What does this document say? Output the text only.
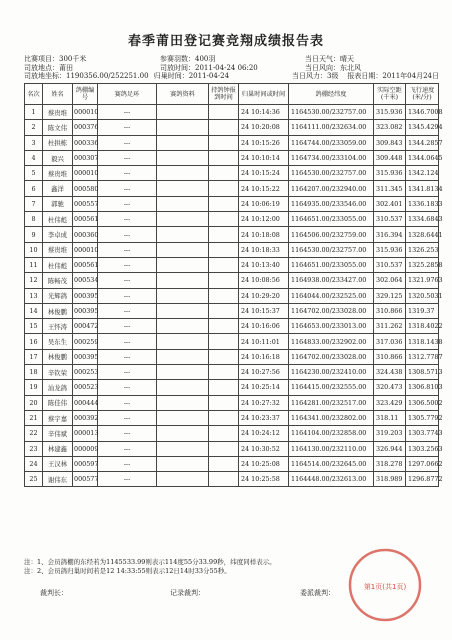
春季莆田登记赛竞翔成绩报告表
比赛项目：300千米	参赛羽数：400羽	当日天气：晴天
司放地点：莆田	司放时间：2011-04-24 06:20	当日风向：东北风
司放地坐标：1190356.00/252251.00 归巢时间：2011-04-24	当日风力：3级 报表日期：2011年04月24日
名次	姓名	鸽棚编号	赛鸽足环	赛鸽资料	持鸽钟报到时间	归巢时间或时间	鸽棚经纬度	实际空距(千米)	飞行速度(米/分)
1	蔡贵堆	000010	---			24 10:14:36	1164530.00/232757.00	315.936	1346.7008
2	陈文伟	000376	---			24 10:20:08	1164111.00/232634.00	323.082	1345.4294
3	杜拱栋	000336	---			24 10:15:26	1164744.00/233059.00	309.843	1344.2857
4	毅兴	000307	---			24 10:10:14	1164734.00/233104.00	309.448	1344.0645
5	蔡贵堆	000010	---			24 10:15:24	1164530.00/232757.00	315.936	1342.124
6	鑫洋	000580	---			24 10:15:22	1164207.00/232940.00	311.345	1341.8134
7	郭驰	000557	---			24 10:06:19	1164935.00/233546.00	302.401	1336.1833
8	杜伟彪	000561	---			24 10:12:00	1164651.00/233055.00	310.537	1334.6843
9	李卓成	000360	---			24 10:18:08	1164506.00/232759.00	316.394	1328.6441
10	蔡贵堆	000010	---			24 10:18:33	1164530.00/232757.00	315.936	1326.253
11	杜伟彪	000561	---			24 10:13:40	1164651.00/233055.00	310.537	1325.2858
12	陈畅茂	000534	---			24 10:08:56	1164938.00/233427.00	302.064	1321.9763
13	光辉鸽	000395	---			24 10:29:20	1164044.00/232525.00	329.125	1320.5031
14	林俊鹏	000395	---			24 10:15:37	1164702.00/233028.00	310.866	1319.37
15	王怀涛	000472	---			24 10:16:06	1164653.00/233013.00	311.262	1318.4022
16	吴东生	000259	---			24 10:11:01	1164833.00/232902.00	317.036	1318.1438
17	林俊鹏	000395	---			24 10:16:18	1164702.00/233028.00	310.866	1312.7787
18	辛钦荣	000253	---			24 10:27:56	1164230.00/232410.00	324.438	1308.5713
19	汕龙鸽	000523	---			24 10:25:14	1164415.00/232555.00	320.473	1306.8103
20	陈佳伟	000444	---			24 10:27:32	1164281.00/232517.00	323.429	1306.5002
21	蔡宇嘉	000392	---			24 10:23:37	1164341.00/232802.00	318.11	1305.7792
22	辛伟斌	000013	---			24 10:24:12	1164104.00/232858.00	319.203	1303.7743
23	林建鑫	000009	---			24 10:30:52	1164130.00/232110.00	326.944	1303.2563
24	王汉林	000597	---			24 10:25:08	1164514.00/232645.00	318.278	1297.0662
25	谢伟东	000577	---			24 10:25:58	1164448.00/232613.00	318.989	1296.8772
注：1、会员鸽棚的东经若为1145533.99则表示114度55分33.99秒，纬度同样表示。
注：2、会员鸽归巢时间若是12 14:33:55则表示12日14时33分55秒。
裁判长：	记录裁判：	委派裁判：
第1页(共1页)
